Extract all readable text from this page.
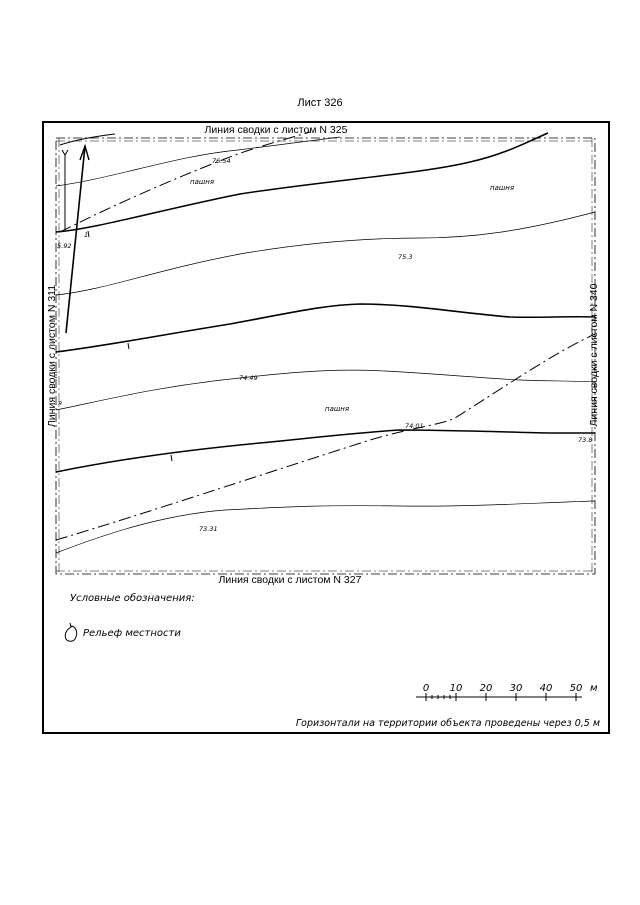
Лист 326
Линия сводки с листом N 325
Линия сводки с листом N 327
Линия сводки с листом N 311	Линия сводки с листом N 340
пашня
пашня
пашня
76.54
5.92
75.3
74.49
74.01
73.8
73.31
я
1
Условные обозначения:
Рельеф местности
0 10 20 30 40 50 м
Горизонтали на территории объекта проведены через 0,5 м
